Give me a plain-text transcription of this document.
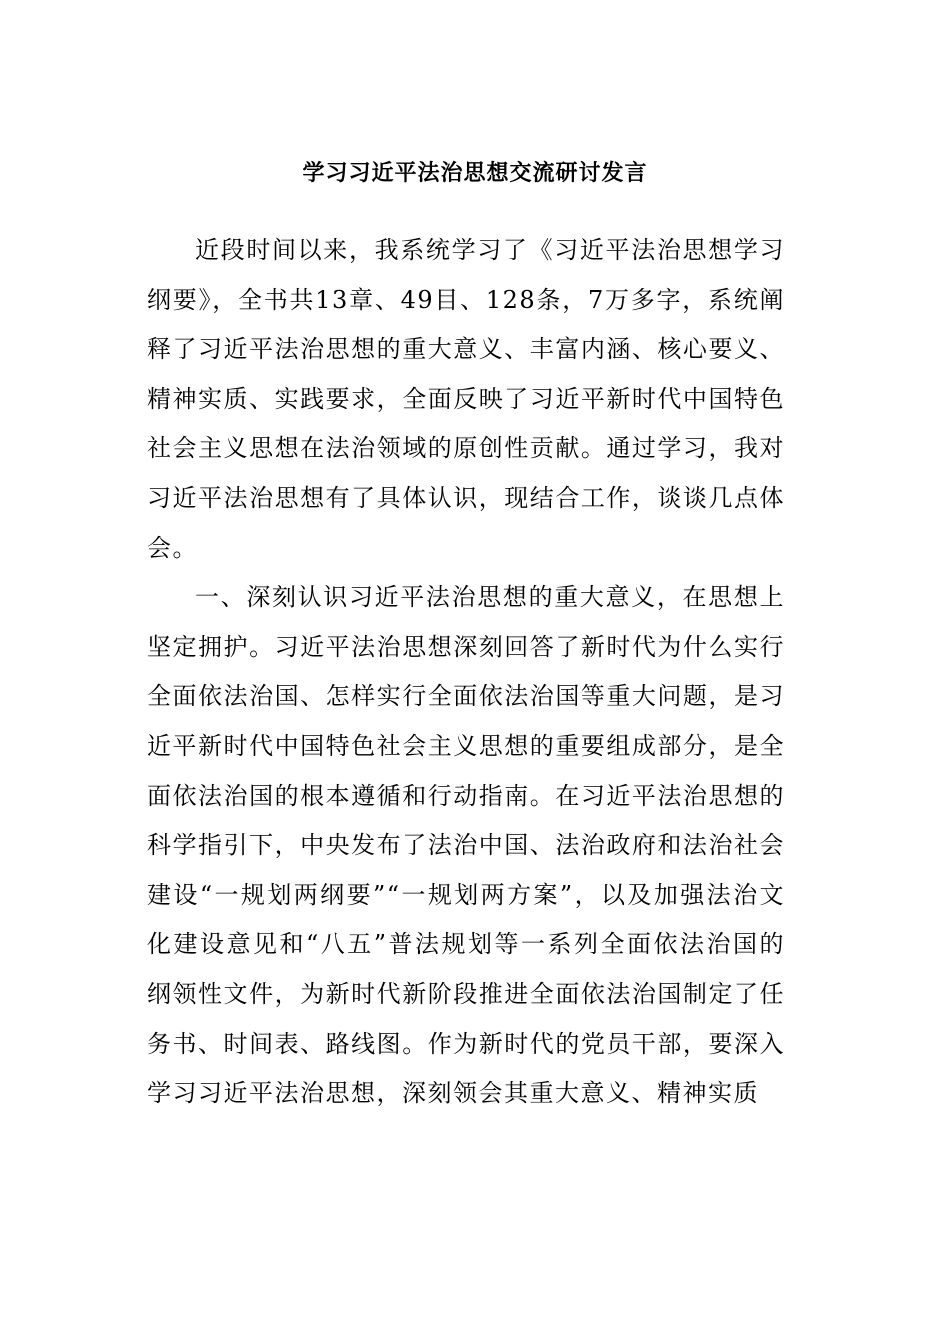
学习习近平法治思想交流研讨发言

近段时间以来，我系统学习了《习近平法治思想学习纲要》，全书共13章、49目、128条，7万多字，系统阐释了习近平法治思想的重大意义、丰富内涵、核心要义、精神实质、实践要求，全面反映了习近平新时代中国特色社会主义思想在法治领域的原创性贡献。通过学习，我对习近平法治思想有了具体认识，现结合工作，谈谈几点体会。

一、深刻认识习近平法治思想的重大意义，在思想上坚定拥护。习近平法治思想深刻回答了新时代为什么实行全面依法治国、怎样实行全面依法治国等重大问题，是习近平新时代中国特色社会主义思想的重要组成部分，是全面依法治国的根本遵循和行动指南。在习近平法治思想的科学指引下，中央发布了法治中国、法治政府和法治社会建设“一规划两纲要”“一规划两方案”，以及加强法治文化建设意见和“八五”普法规划等一系列全面依法治国的纲领性文件，为新时代新阶段推进全面依法治国制定了任务书、时间表、路线图。作为新时代的党员干部，要深入学习习近平法治思想，深刻领会其重大意义、精神实质
